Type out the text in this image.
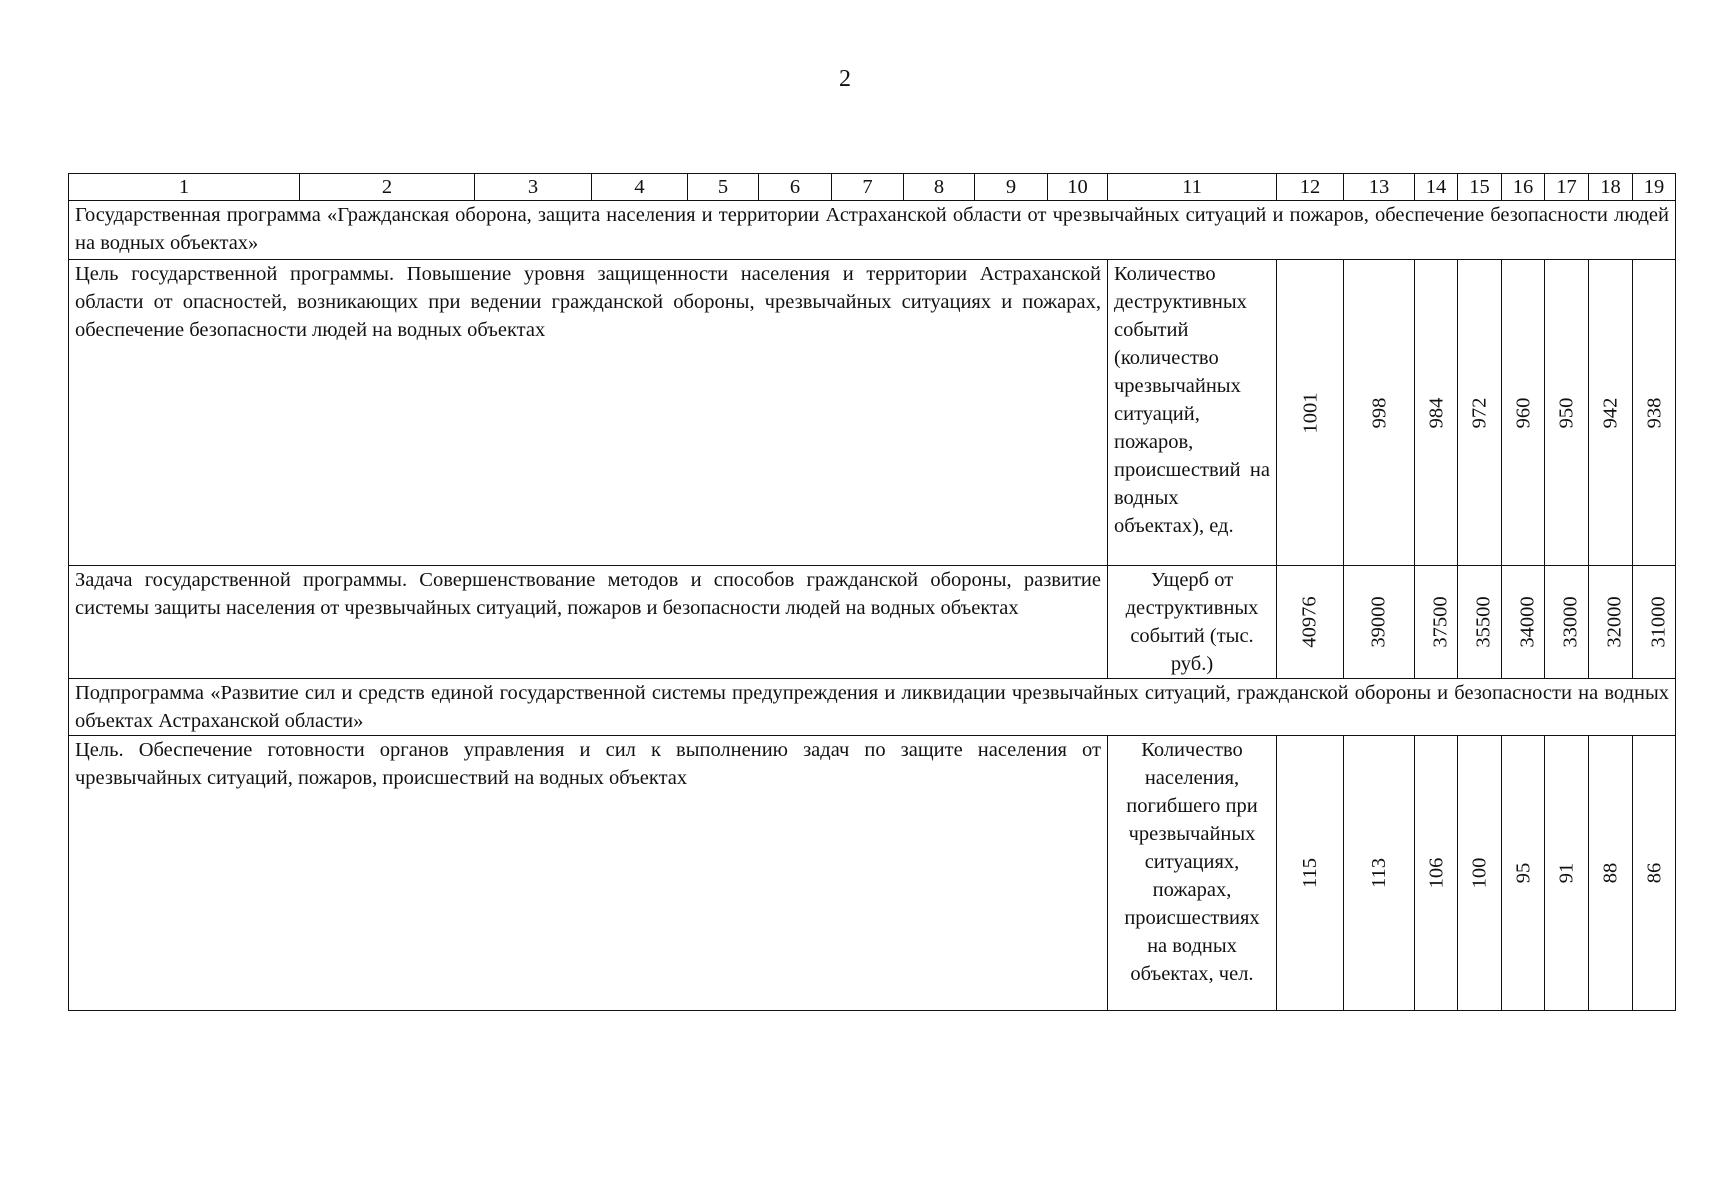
2
1	2	3	4	5	6	7	8	9	10	11	12	13	14	15	16	17	18	19
Государственная программа «Гражданская оборона, защита населения и территории Астраханской области от чрезвычайных ситуаций и пожаров, обеспечение безопасности людей на водных объектах»																		
Цель государственной программы. Повышение уровня защищенности населения и территории Астраханской области от опасностей, возникающих при ведении гражданской обороны, чрезвычайных ситуациях и пожарах, обеспечение безопасности людей на водных объектах										Количество деструктивных событий (количество чрезвычайных ситуаций, пожаров, происшествий на водных объектах), ед.	1001	998	984	972	960	950	942	938
Задача государственной программы. Совершенствование методов и способов гражданской обороны, развитие системы защиты населения от чрезвычайных ситуаций, пожаров и безопасности людей на водных объектах										Ущерб от деструктивных событий (тыс. руб.)	40976	39000	37500	35500	34000	33000	32000	31000
Подпрограмма «Развитие сил и средств единой государственной системы предупреждения и ликвидации чрезвычайных ситуаций, гражданской обороны и безопасности на водных объектах Астраханской области»																		
Цель. Обеспечение готовности органов управления и сил к выполнению задач по защите населения от чрезвычайных ситуаций, пожаров, происшествий на водных объектах										Количество населения, погибшего при чрезвычайных ситуациях, пожарах, происшествиях на водных объектах, чел.	115	113	106	100	95	91	88	86
